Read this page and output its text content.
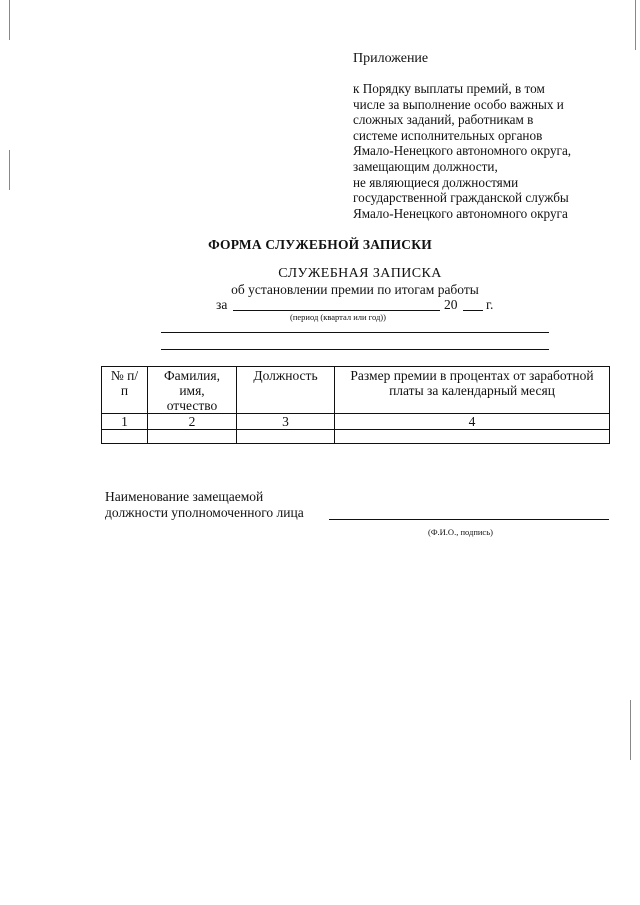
Приложение
к Порядку выплаты премий, в том
числе за выполнение особо важных и
сложных заданий, работникам в
системе исполнительных органов
Ямало-Ненецкого автономного округа,
замещающим должности,
не являющиеся должностями
государственной гражданской службы
Ямало-Ненецкого автономного округа
ФОРМА СЛУЖЕБНОЙ ЗАПИСКИ
СЛУЖЕБНАЯ ЗАПИСКА
об установлении премии по итогам работы
за	20 г.
(период (квартал или год))
№ п/п	Фамилия, имя, отчество	Должность	Размер премии в процентах от заработной платы за календарный месяц

1	2	3	4

Наименование замещаемой
должности уполномоченного лица
(Ф.И.О., подпись)
